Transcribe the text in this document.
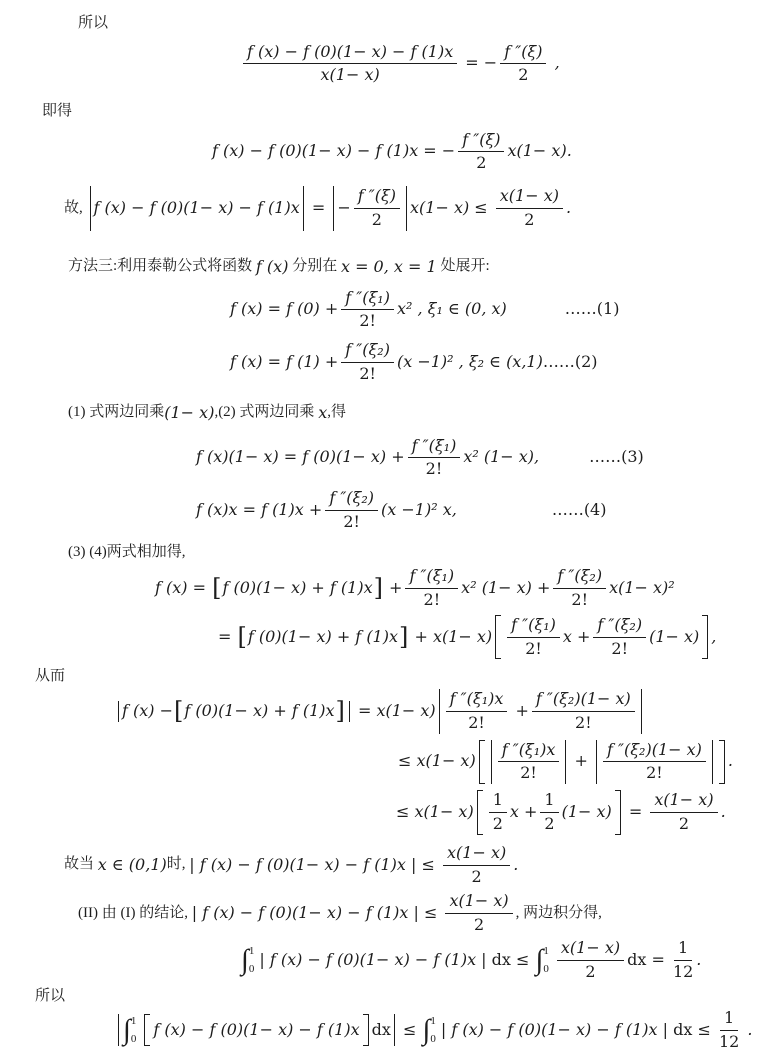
所以
$\frac{f (x) - f (0)(1- x) - f (1)x}{x(1- x)}$ = − $\frac{f ''(\xi)}{2}$ ,
即得
f (x) − f (0)(1− x) − f (1)x = − $\frac{f ''(\xi)}{2} x(1- x)$.
故, f (x) − f (0)(1− x) − f (1)x = − $\frac{f ''(\xi)}{2} x(1- x) \le \frac{x(1- x)}{2}$ .
方法三:利用泰勒公式将函数 f (x) 分别在 x = 0, x = 1 处展开:
f (x) = f $(0) + \frac{\text{f ″(ξ₁)}}{2!} x^2$ , ξ₁ ∈ (0, x)	……(1)
f (x) = f $(1) + \frac{\text{f ″(ξ₂)}}{2!} (x -1)^2$ , ξ₂ ∈ (x,1) ……(2)
(1) 式两边同乘 (1− x) ,(2) 式两边同乘 x ,得
f (x)(1− x) = f $(0)(1- x) + \frac{\text{f ″(ξ₁)}}{2!} x^2$ (1− x),	……(3)
f (x)x = f $(1)x + \frac{\text{f ″(ξ₂)}}{2!} (x -1)^2$ x,	……(4)
(3) (4)两式相加得,
f (x) = [ f (0)(1− x) + f (1)x ] + $\frac{\text{f ″(ξ₁)}}{2!} x^2$ $(1- x) + \frac{\text{f ″(ξ₂)}}{2!} x(1- x)^2$
= [ f (0)(1− x) + f (1)x ] + $x(1- x) \frac{\text{f ″(ξ₁)}}{2!}$ $x + \frac{\text{f ″(ξ₂)}}{2!} (1- x)$ ,
从而
f (x) − [ f (0)(1− x) + f (1)x ] = $x(1- x) \frac{\text{f ″(ξ₁)x}}{2!} + \frac{\text{f ″(ξ₂)(1− x)}}{2!}$
≤ $x(1- x) \frac{\text{f ″(ξ₁)x}}{2!} + \frac{\text{f ″(ξ₂)(1− x)}}{2!}$ .
≤ $x(1- x) \frac{1}{2}$ $x + \frac{1}{2} (1- x) = \frac{x(1- x)}{2}$ .
故当 x ∈ (0,1) 时, | f (x) − f (0)(1− x) − f (1)x | ≤ $\frac{x(1- x)}{2}$ .
(II) 由 (I) 的结论, | f (x) − f (0)(1− x) − f (1)x | ≤ $\frac{x(1- x)}{2}$ , 两边积分得,
∫ 1
0
| f (x) − f (0)(1− x) − f (1)x | dx ≤ ∫ 1
$0 \frac{x(1- x)}{2}$ dx = $\frac{1}{12}$ .
所以
∫ 1
0
f (x) − f (0)(1− x) − f (1)x dx ≤ ∫ 1
0
| f (x) − f (0)(1− x) − f (1)x | dx ≤ $\frac{1}{12}$ .
